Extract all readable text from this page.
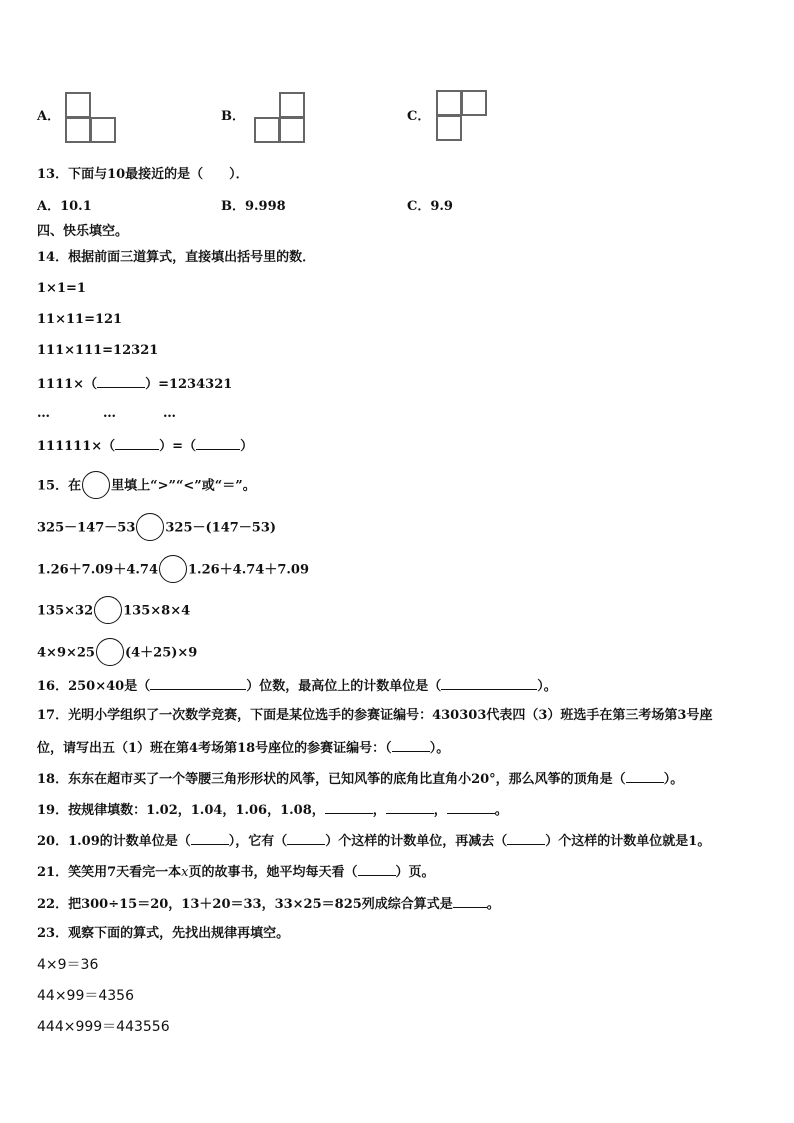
A．	B．	C．
13．下面与10最接近的是（　　）．
A．10.1	B．9.998	C．9.9
四、快乐填空。
14．根据前面三道算式，直接填出括号里的数．
1×1=1
11×11=121
111×111=12321
1111×（	）=1234321
…	…	…
111111×（	）=（	）
15．在 里填上“>”“<”或“＝”。
325－147－53 325－(147－53)
1.26＋7.09＋4.74 1.26＋4.74＋7.09
135×32 135×8×4
4×9×25 (4＋25)×9
16．250×40是（	）位数，最高位上的计数单位是（	）。
17．光明小学组织了一次数学竞赛，下面是某位选手的参赛证编号：430303代表四（3）班选手在第三考场第3号座
位，请写出五（1）班在第4考场第18号座位的参赛证编号：（	）。
18．东东在超市买了一个等腰三角形形状的风筝，已知风筝的底角比直角小20°，那么风筝的顶角是（	）。
19．按规律填数：1.02，1.04，1.06，1.08，	，	，	。
20．1.09的计数单位是（	），它有（	）个这样的计数单位，再减去（	）个这样的计数单位就是1。
21．笑笑用7天看完一本x页的故事书，她平均每天看（	）页。
22．把300÷15＝20，13＋20＝33，33×25＝825列成综合算式是	。
23．观察下面的算式，先找出规律再填空。
4×9＝36
44×99＝4356
444×999＝443556
